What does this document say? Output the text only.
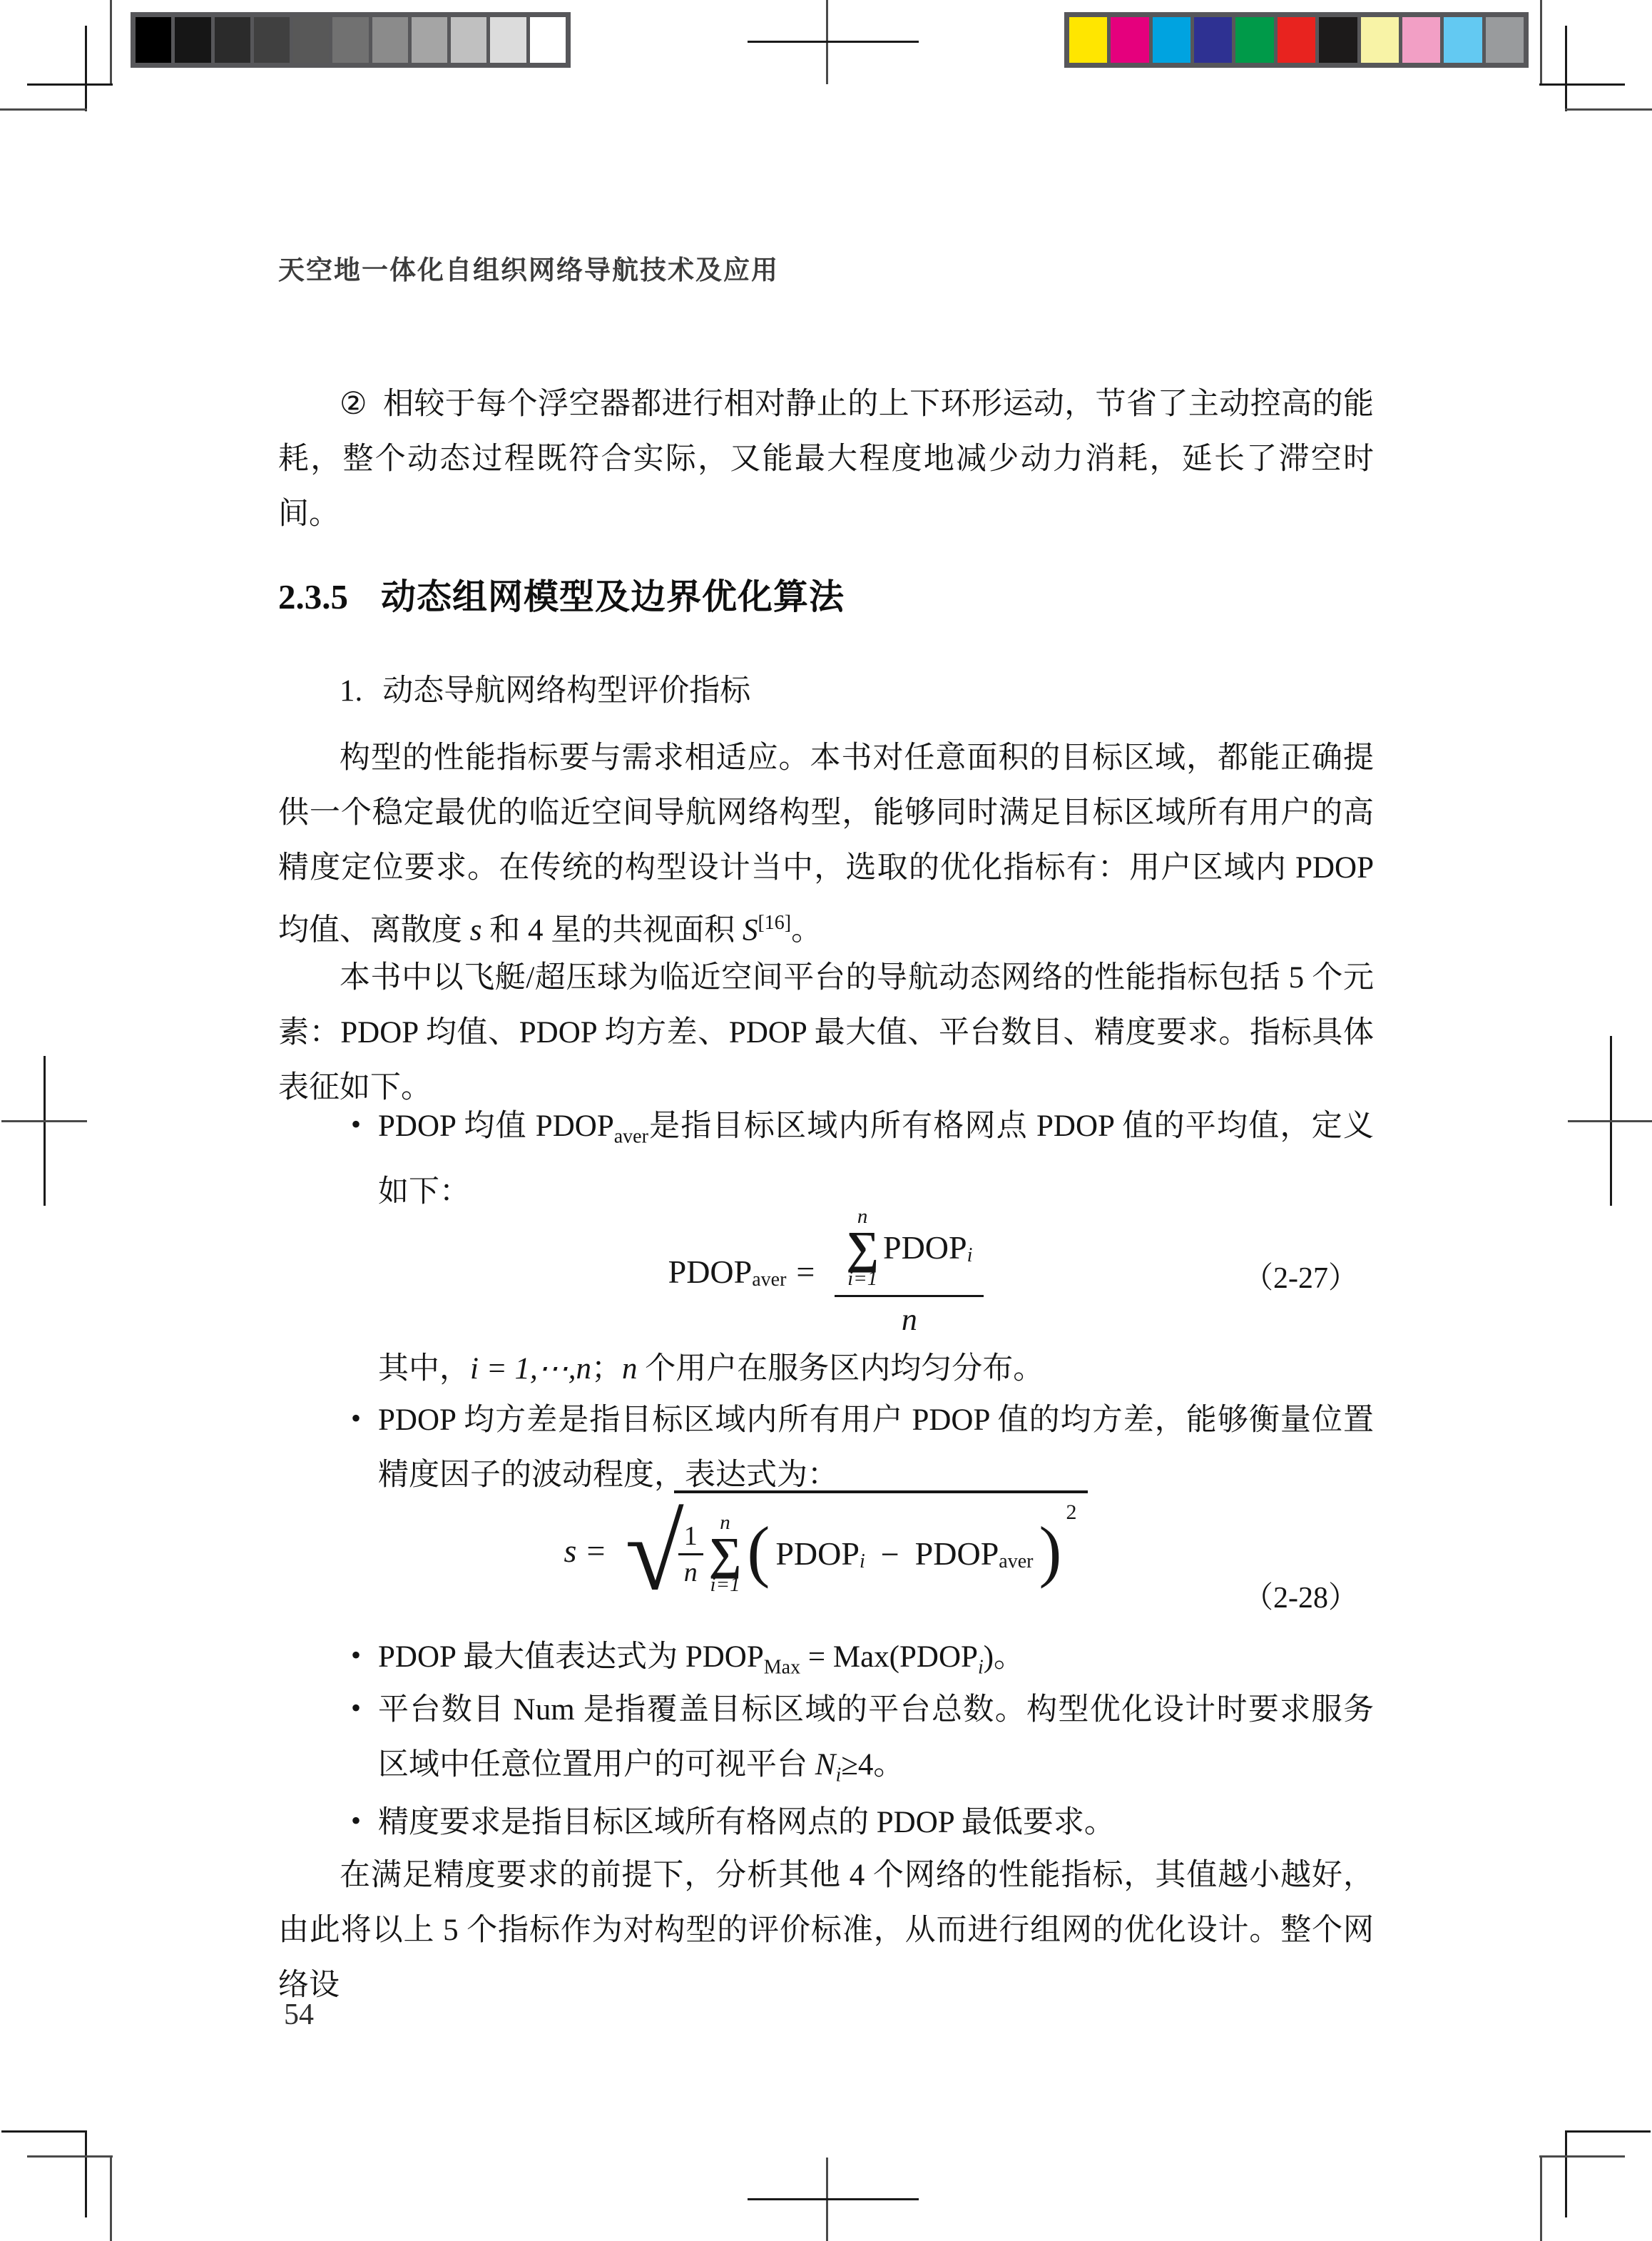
天空地一体化自组织网络导航技术及应用

② 相较于每个浮空器都进行相对静止的上下环形运动，节省了主动控高的能耗，整个动态过程既符合实际，又能最大程度地减少动力消耗，延长了滞空时间。

2.3.5 动态组网模型及边界优化算法
1. 动态导航网络构型评价指标

构型的性能指标要与需求相适应。本书对任意面积的目标区域，都能正确提供一个稳定最优的临近空间导航网络构型，能够同时满足目标区域所有用户的高精度定位要求。在传统的构型设计当中，选取的优化指标有：用户区域内 PDOP 均值、离散度 s 和 4 星的共视面积 S[16]。

本书中以飞艇/超压球为临近空间平台的导航动态网络的性能指标包括 5 个元素：PDOP 均值、PDOP 均方差、PDOP 最大值、平台数目、精度要求。指标具体表征如下。

• PDOP 均值 $PDOP_{aver}$是指目标区域内所有格网点 PDOP 值的平均值，定义如下：
$PDOP_{aver} = n$
∑
i=1
$PDOP_i$
n	（2-27）

其中，i = 1,⋯,n；n 个用户在服务区内均匀分布。

• PDOP 均方差是指目标区域内所有用户 PDOP 值的均方差，能够衡量位置精度因子的波动程度，表达式为：
s = √
$\frac{1}{n}$ n
∑
i=1 ( $PDOP_i$ − $PDOP_{aver}$ )
2
（2-28）
• PDOP 最大值表达式为 $PDOP_{Max}$ = $Max(PDOP_i)$。
• 平台数目 Num 是指覆盖目标区域的平台总数。构型优化设计时要求服务区域中任意位置用户的可视平台 $N_i\ge 4$。
• 精度要求是指目标区域所有格网点的 PDOP 最低要求。

在满足精度要求的前提下，分析其他 4 个网络的性能指标，其值越小越好，由此将以上 5 个指标作为对构型的评价标准，从而进行组网的优化设计。整个网络设

54
